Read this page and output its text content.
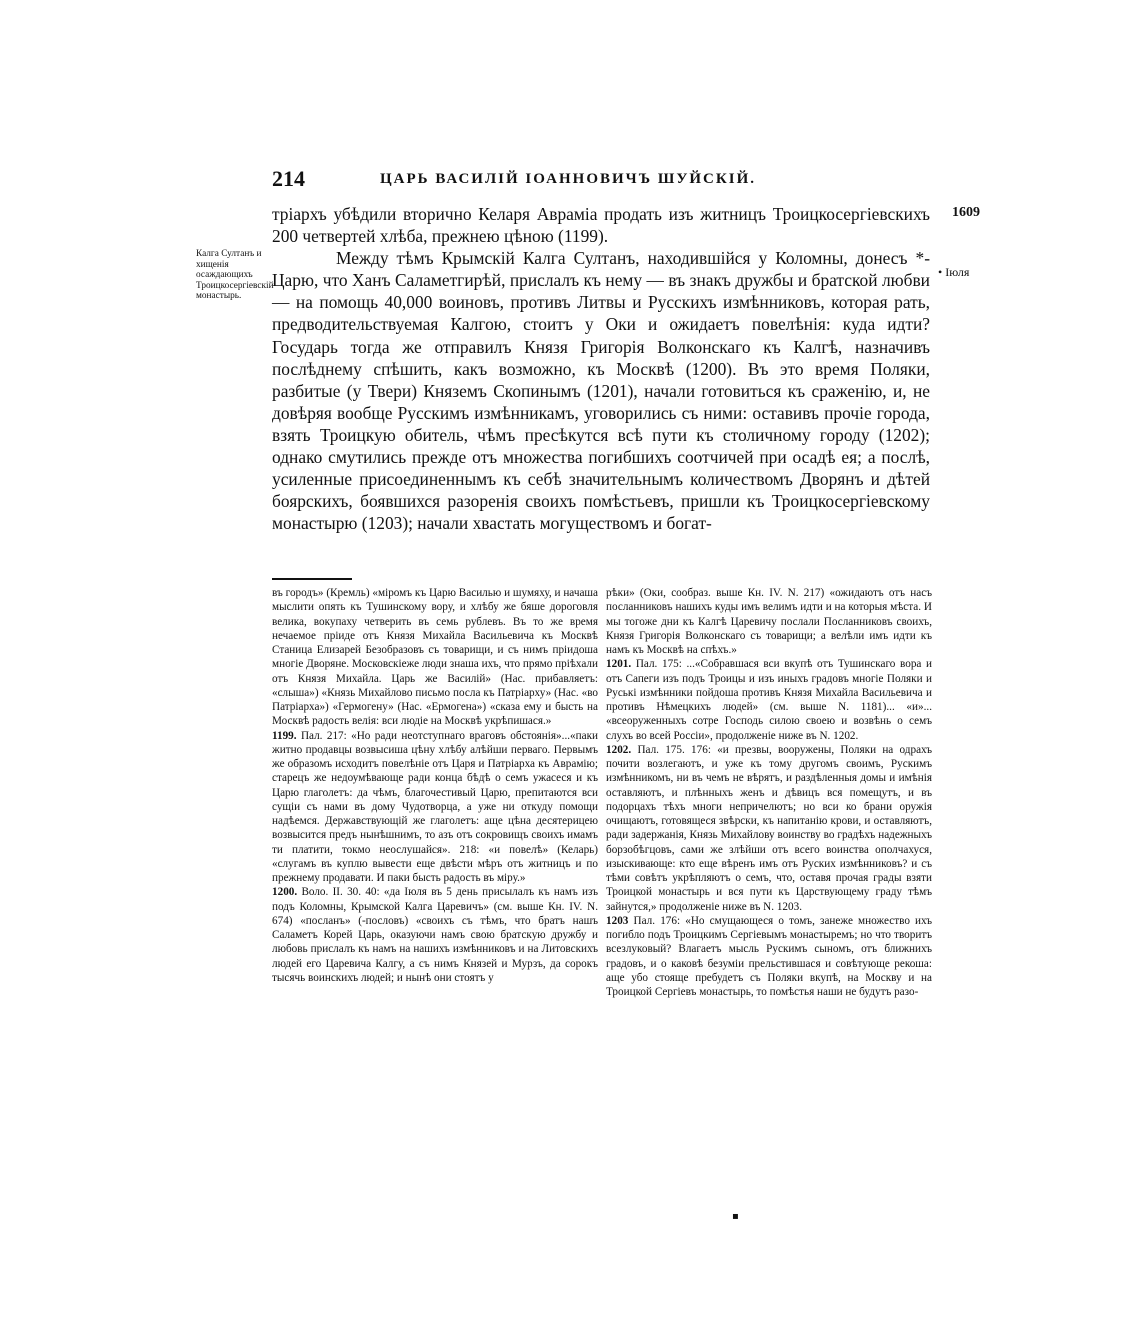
214	ЦАРЬ ВАСИЛІЙ ІОАННОВИЧЪ ШУЙСКІЙ.
1609
• Іюля
Калга Султанъ и хищенія осаждающихъ Троицкосергіевскій монастырь.

тріархъ убѣдили вторично Келаря Авраміа продать изъ житницъ Троицкосергіевскихъ 200 четвертей хлѣба, прежнею цѣною (1199).

Между тѣмъ Крымскій Калга Султанъ, находившійся у Коломны, донесъ *-Царю, что Ханъ Саламетгирѣй, прислалъ къ нему — въ знакъ дружбы и братской любви — на помощь 40,000 воиновъ, противъ Литвы и Русскихъ измѣнниковъ, которая рать, предводительствуемая Калгою, стоитъ у Оки и ожидаетъ повелѣнія: куда идти? Государь тогда же отправилъ Князя Григорія Волконскаго къ Калгѣ, назначивъ послѣднему спѣшить, какъ возможно, къ Москвѣ (1200). Въ это время Поляки, разбитые (у Твери) Княземъ Скопинымъ (1201), начали готовиться къ сраженію, и, не довѣряя вообще Русскимъ измѣнникамъ, уговорились съ ними: оставивъ прочіе города, взять Троицкую обитель, чѣмъ пресѣкутся всѣ пути къ столичному городу (1202); однако смутились прежде отъ множества погибшихъ соотчичей при осадѣ ея; а послѣ, усиленные присоединеннымъ къ себѣ значительнымъ количествомъ Дворянъ и дѣтей боярскихъ, боявшихся разоренія своихъ помѣстьевъ, пришли къ Троицкосергіевскому монастырю (1203); начали хвастать могуществомъ и богат-

въ городъ» (Кремль) «міромъ къ Царю Василью и шумяху, и начаша мыслити опять къ Тушинскому вору, и хлѣбу же бяше дороговля велика, вокупаху четверить въ семь рублевъ. Въ то же время нечаемое пріиде отъ Князя Михайла Васильевича къ Москвѣ Станица Елизарей Безобразовъ съ товарищи, и съ нимъ пріидоша многіе Дворяне. Московскіеже люди знаша ихъ, что прямо пріѣхали отъ Князя Михайла. Царь же Василій» (Нас. прибавляетъ: «слыша») «Князь Михайлово письмо посла къ Патріарху» (Нас. «во Патріарха») «Гермогену» (Нас. «Ермогена») «сказа ему и бысть на Москвѣ радость велія: вси людіе на Москвѣ укрѣпишася.»

1199. Пал. 217: «Но ради неотступнаго враговъ обстоянія»...«паки житно продавцы возвысиша цѣну хлѣбу алѣйши перваго. Первымъ же образомъ исходитъ повелѣніе отъ Царя и Патріарха къ Аврамію; старецъ же недоумѣвающе ради конца бѣдѣ о семъ ужасеся и къ Царю глаголетъ: да чѣмъ, благочестивый Царю, препитаются вси сущіи съ нами въ дому Чудотворца, а уже ни откуду помощи надѣемся. Державствующій же глаголетъ: аще цѣна десятерицею возвысится предъ нынѣшнимъ, то азъ отъ сокровищъ своихъ имамъ ти платити, токмо неослушайся». 218: «и повелѣ» (Келарь) «слугамъ въ куплю вывести еще двѣсти мѣръ отъ житницъ и по прежнему продавати. И паки бысть радость въ міру.»

1200. Воло. II. 30. 40: «да Іюля въ 5 день присылалъ къ намъ изъ подъ Коломны, Крымской Калга Царевичъ» (см. выше Кн. IV. N. 674) «посланъ» (-пословъ) «своихъ съ тѣмъ, что братъ нашъ Саламетъ Корей Царь, оказуючи намъ свою братскую дружбу и любовь прислалъ къ намъ на нашихъ измѣнниковъ и на Литовскихъ людей его Царевича Калгу, а съ нимъ Князей и Мурзъ, да сорокъ тысячь воинскихъ людей; и нынѣ они стоятъ у

рѣки» (Оки, сообраз. выше Кн. IV. N. 217) «ожидаютъ отъ насъ посланниковъ нашихъ куды имъ велимъ идти и на которыя мѣста. И мы тогоже дни къ Калгѣ Царевичу послали Посланниковъ своихъ, Князя Григорія Волконскаго съ товарищи; а велѣли имъ идти къ намъ къ Москвѣ на спѣхъ.»

1201. Пал. 175: ...«Собравшася вси вкупѣ отъ Тушинскаго вора и отъ Сапеги изъ подъ Троицы и изъ иныхъ градовъ многіе Поляки и Руські измѣнники пойдоша противъ Князя Михайла Васильевича и противъ Нѣмецкихъ людей» (см. выше N. 1181)... «и»... «всеоруженныхъ сотре Господь силою своею и возвѣнь о семъ слухъ во всей Россіи», продолженіе ниже въ N. 1202.

1202. Пал. 175. 176: «и презвы, вооружены, Поляки на одрахъ почити возлегаютъ, и уже къ тому другомъ своимъ, Рускимъ измѣнникомъ, ни въ чемъ не вѣрятъ, и раздѣленныя домы и имѣнія оставляютъ, и плѣнныхъ женъ и дѣвицъ вся помещутъ, и въ подорцахъ тѣхъ многи непричелютъ; но вси ко брани оружія очищаютъ, готовящеся звѣрски, къ напитанію крови, и оставляютъ, ради задержанія, Князь Михайлову воинству во градѣхъ надежныхъ борзобѣгцовъ, сами же злѣйши отъ всего воинства ополчахуся, изыскивающе: кто еще вѣренъ имъ отъ Руских измѣнниковъ? и съ тѣми совѣтъ укрѣпляютъ о семъ, что, оставя прочая грады взяти Троицкой монастырь и вся пути къ Царствующему граду тѣмъ зайнутся,» продолженіе ниже въ N. 1203.

1203 Пал. 176: «Но смущающеся о томъ, занеже множество ихъ погибло подъ Троицкимъ Сергіевымъ монастыремъ; но что творитъ всезлуковый? Влагаетъ мысль Рускимъ сыномъ, отъ ближнихъ градовъ, и о каковѣ безуміи прельстившася и совѣтующе рекоша: аще убо стояще пребудетъ съ Поляки вкупѣ, на Москву и на Троицкой Сергіевъ монастырь, то помѣстья наши не будутъ разо-

▪
